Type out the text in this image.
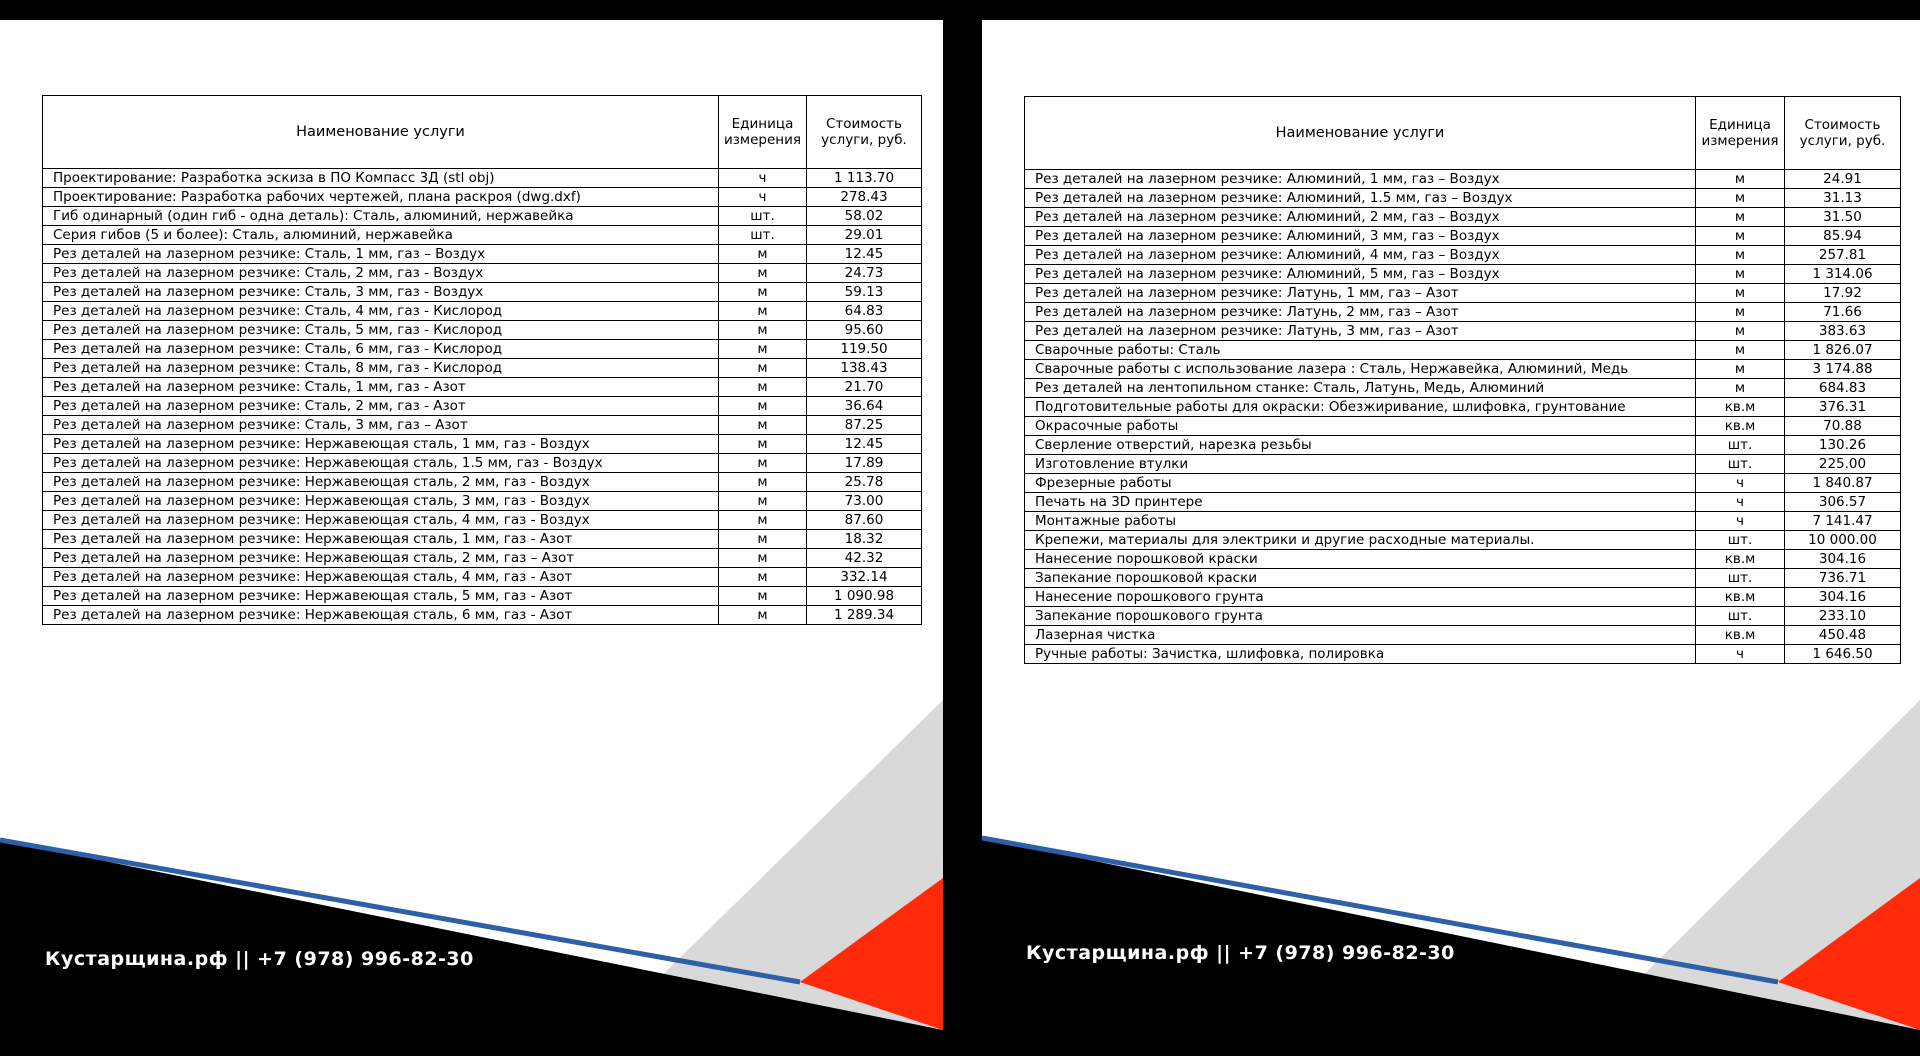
Наименование услуги	Единица измерения	Стоимость услуги, руб.
Проектирование: Разработка эскиза в ПО Компасс 3Д (stl obj)	ч	1 113.70
Проектирование: Разработка рабочих чертежей, плана раскроя (dwg.dxf)	ч	278.43
Гиб одинарный (один гиб - одна деталь): Сталь, алюминий, нержавейка	шт.	58.02
Серия гибов (5 и более): Сталь, алюминий, нержавейка	шт.	29.01
Рез деталей на лазерном резчике: Сталь, 1 мм, газ – Воздух	м	12.45
Рез деталей на лазерном резчике: Сталь, 2 мм, газ - Воздух	м	24.73
Рез деталей на лазерном резчике: Сталь, 3 мм, газ - Воздух	м	59.13
Рез деталей на лазерном резчике: Сталь, 4 мм, газ - Кислород	м	64.83
Рез деталей на лазерном резчике: Сталь, 5 мм, газ - Кислород	м	95.60
Рез деталей на лазерном резчике: Сталь, 6 мм, газ - Кислород	м	119.50
Рез деталей на лазерном резчике: Сталь, 8 мм, газ - Кислород	м	138.43
Рез деталей на лазерном резчике: Сталь, 1 мм, газ - Азот	м	21.70
Рез деталей на лазерном резчике: Сталь, 2 мм, газ - Азот	м	36.64
Рез деталей на лазерном резчике: Сталь, 3 мм, газ – Азот	м	87.25
Рез деталей на лазерном резчике: Нержавеющая сталь, 1 мм, газ - Воздух	м	12.45
Рез деталей на лазерном резчике: Нержавеющая сталь, 1.5 мм, газ - Воздух	м	17.89
Рез деталей на лазерном резчике: Нержавеющая сталь, 2 мм, газ - Воздух	м	25.78
Рез деталей на лазерном резчике: Нержавеющая сталь, 3 мм, газ - Воздух	м	73.00
Рез деталей на лазерном резчике: Нержавеющая сталь, 4 мм, газ - Воздух	м	87.60
Рез деталей на лазерном резчике: Нержавеющая сталь, 1 мм, газ - Азот	м	18.32
Рез деталей на лазерном резчике: Нержавеющая сталь, 2 мм, газ – Азот	м	42.32
Рез деталей на лазерном резчике: Нержавеющая сталь, 4 мм, газ - Азот	м	332.14
Рез деталей на лазерном резчике: Нержавеющая сталь, 5 мм, газ - Азот	м	1 090.98
Рез деталей на лазерном резчике: Нержавеющая сталь, 6 мм, газ - Азот	м	1 289.34
Кустарщина.рф || +7 (978) 996-82-30
Наименование услуги	Единица измерения	Стоимость услуги, руб.
Рез деталей на лазерном резчике: Алюминий, 1 мм, газ – Воздух	м	24.91
Рез деталей на лазерном резчике: Алюминий, 1.5 мм, газ – Воздух	м	31.13
Рез деталей на лазерном резчике: Алюминий, 2 мм, газ – Воздух	м	31.50
Рез деталей на лазерном резчике: Алюминий, 3 мм, газ – Воздух	м	85.94
Рез деталей на лазерном резчике: Алюминий, 4 мм, газ – Воздух	м	257.81
Рез деталей на лазерном резчике: Алюминий, 5 мм, газ – Воздух	м	1 314.06
Рез деталей на лазерном резчике: Латунь, 1 мм, газ – Азот	м	17.92
Рез деталей на лазерном резчике: Латунь, 2 мм, газ – Азот	м	71.66
Рез деталей на лазерном резчике: Латунь, 3 мм, газ – Азот	м	383.63
Сварочные работы: Сталь	м	1 826.07
Сварочные работы с использование лазера : Сталь, Нержавейка, Алюминий, Медь	м	3 174.88
Рез деталей на лентопильном станке: Сталь, Латунь, Медь, Алюминий	м	684.83
Подготовительные работы для окраски: Обезжиривание, шлифовка, грунтование	кв.м	376.31
Окрасочные работы	кв.м	70.88
Сверление отверстий, нарезка резьбы	шт.	130.26
Изготовление втулки	шт.	225.00
Фрезерные работы	ч	1 840.87
Печать на 3D принтере	ч	306.57
Монтажные работы	ч	7 141.47
Крепежи, материалы для электрики и другие расходные материалы.	шт.	10 000.00
Нанесение порошковой краски	кв.м	304.16
Запекание порошковой краски	шт.	736.71
Нанесение порошкового грунта	кв.м	304.16
Запекание порошкового грунта	шт.	233.10
Лазерная чистка	кв.м	450.48
Ручные работы: Зачистка, шлифовка, полировка	ч	1 646.50
Кустарщина.рф || +7 (978) 996-82-30
